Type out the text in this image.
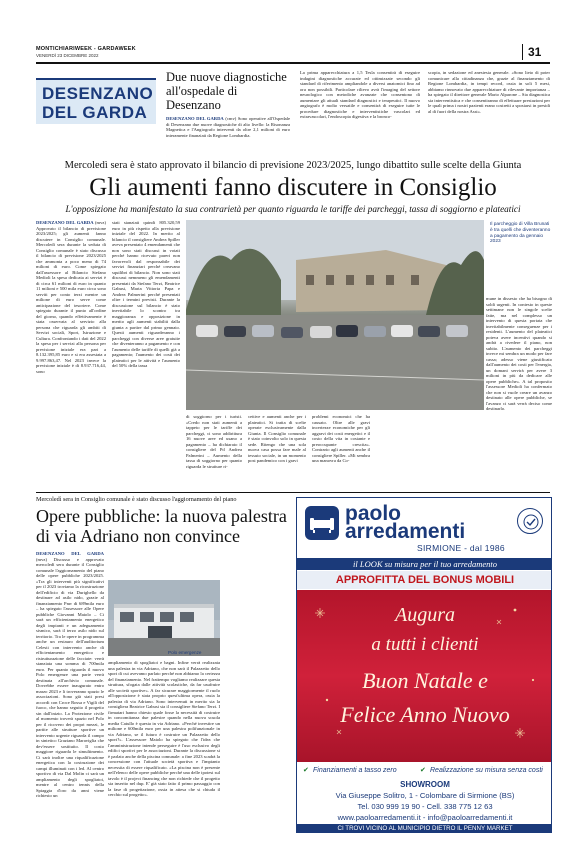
MONTICHIARIWEEK - GARDAWEEK
VENERDÌ 23 DICEMBRE 2022	31
DESENZANO
DEL GARDA
Due nuove diagnostiche all'ospedale di Desenzano
DESENZANO DEL GARDA (cmv) Sono operative all'Ospedale di Desenzano due nuove diagnostiche di alto livello: la Risonanza Magnetica e l'Angiografo interventi da oltre 2,1 milioni di euro interamente finanziati da Regione Lombardia.
La prima apparecchiatura a 1,5 Tesla consentirà di eseguire indagini diagnostiche accurate ed ottimizzate secondo gli standard di riferimento ampliandole a diversi anatomici fino ad ora non possibili. Particolare rilievo avrà l'imaging del settore neurologico con metodiche avanzate che consentono di aumentare gli attuali standard diagnostici e terapeutici. Il nuovo angiografo è molto versatile e consentirà di eseguire tutte le procedure diagnostiche e interventistiche vascolari ed extravascolari, l'endoscopia digestiva e la bronco-
scopia, in sedazione ed anestesia generale. «Sono lieto di poter comunicare alla cittadinanza che, grazie al finanziamento di Regione Lombardia, in tempi record, ossia in soli 5 mesi, abbiamo rinnovato due apparecchiature di rilevante importanza – ha spiegato il direttore generale Mario Alparone – Sia diagnostica sia interventistica e che consentiranno di effettuare prestazioni per le quali prima i nostri pazienti erano costretti a spostarsi in presidi al di fuori della nostra Asst».
Mercoledì sera è stato approvato il bilancio di previsione 2023/2025, lungo dibattito sulle scelte della Giunta
Gli aumenti fanno discutere in Consiglio
L'opposizione ha manifestato la sua contrarietà per quanto riguarda le tariffe dei parcheggi, tassa di soggiorno e plateatici
DESENZANO DEL GARDA (mvz) Approvato il bilancio di previsione 2023/2025; gli aumenti fanno discutere in Consiglio comunale. Mercoledì sera durante la seduta di Consiglio comunale è stato discusso il bilancio di previsione 2023/2025 che ammonta a poco meno di 74 milioni di euro. Come spiegato dall'assessore al Bilancio Stefano Medioli la spesa dedicata ai servizi è di circa 61 milioni di euro in quanto 11 milioni e 500 mila euro circa sono serviti per conto terzi mentre un milione di euro serve come anticipazione del tesoriere. Come spiegato durante il punto all'ordine del giorno, quando effettivamente è stata osservata al servizio alla persona che riguarda gli ambiti di Servizi sociali, Sport, Istruzione e Cultura. Confrontando i dati del 2022 la spesa per i servizi alla persona per previsione iniziale era pari a 8.132.395,85 euro e si era assestata a 9.997.863,47. Nel 2023 invece la previsione iniziale è di 8.937.716,44, sono
stati stanziati quindi 805.320,59 euro in più rispetto alla previsione iniziale del 2022. In merito al bilancio il consigliere Andrea Spiller aveva presentato 4 emendamenti che non sono stati discussi in votati perché hanno ricevuto pareri non favorevoli dal responsabile dei servizi finanziari perché creavano squilibri di bilancio. Non sono stati discussi nemmeno gli emendamenti presentati da Stefano Terzi, Beatrice Gabusi, Maria Vittoria Papa e Andrea Palmerini perché presentati oltre i termini previsti. Durante la discussione sul bilancio è stato inevitabile lo scontro tra maggioranza e opposizione in merito agli aumenti stabiliti dalla giunta a partire dal primo gennaio. Questi aumenti riguarderanno i parcheggi con diverse aree gratuite che diventeranno a pagamento e con l'aumento delle tariffe di quelli già a pagamento; l'aumento dei costi dei plateatici per le attività e l'aumento del 50% della tassa
Il parcheggio di Villa Brunati è tra quelli che diventeranno a pagamento da gennaio 2023
di soggiorno per i turisti. «Credo non stati aumenti a tappeto per le tariffe dei parcheggi, ci sono addirittura 16 nuove aree ed usano a pagamento – ha dichiarato il consigliere del Pd Andrea Palmerini – Aumento della tassa di soggiorno per quanto riguarda le strutture ri-
cettive e aumenti anche per i plateatici. Si tratta di scelte operate esclusivamente dalla Giunta. Il Consiglio comunale è stato coinvolto solo in questa sede. Ritengo che una sola nuova casa possa fare male al tessuto sociale, in un momento post pandemico con i gravi
problemi economici che ha causato. Oltre alle gravi incertezze economiche per gli aggravi dei costi energetici e il costo della vita in costante e preoccupante crescita». Contrario agli aumenti anche il consigliere Spiller. «Mi sembra una manovra da Co-
mune in dissesto che ha bisogno di soldi urgenti. In contesto in queste settimane non le singole scelte fatte, ma nel complesso un intervento di questa portata che inevitabilmente conseguenze per i residenti. L'aumento del plateatici poteva avere incentivi quando si andrà a rivedere il piano, non subito. L'aumento dei parcheggi invece mi sembra un modo per fare cassa; adesso viene giustificato dall'aumento dei costi per l'energia, un domani servirà per avere 3 milioni in più da dedicare alle opere pubbliche». A tal proposito l'assessore Medioli ha confermato che non si vuole creare un avanzo destinato alle opere pubbliche, se l'avanzo ci sarà verrà deciso come destinarlo.
Mercoledì sera in Consiglio comunale è stato discusso l'aggiornamento del piano
Opere pubbliche: la nuova palestra di via Adriano non convince
DESENZANO DEL GARDA (mvz) Discusso e approvato mercoledì sera durante il Consiglio comunale l'aggiornamento del piano delle opere pubbliche 2023/2025. «Tra gli interventi più significativi per il 2023 troviamo la ricostruzione dell'edificio di via Durighello da destinare ad asilo nido, grazie al finanziamento Pnrr di 689mila euro – ha spiegato l'assessore alle Opere pubbliche Giovanni Maiolo – Ci sarà un efficientamento energetico degli impianti e un adeguamento sismico, sarà il terzo asilo nido sul territorio. Tra le opere in programma anche un restauro dell'auditorium Celesti con intervento anche di efficientamento energetico e ristrutturazione delle facciate: verrà stanziata una somma di 700mila euro. Per quanto riguarda il nuovo Polo emergenze una parte verrà destinata all'archivio comunale. Dovrebbe essere inaugurato entro marzo 2023 e li troveranno spazio le associazioni. Sono già stati presi accordi con Croce Rossa e Vigili del fuoco, che hanno seguito il progetto sin dall'inizio. La Protezione civile al momento troverà spazio nel Polo per il ricovero dei propri mezzi, le partite alle strutture sportive un intervento urgente riguarda il campo in sintetico Graziano Maraviglia che dev'essere sostituito. Il costo maggiore riguarda le simultimento. Ci sarà inoltre una riqualificazione energetica con la costruzione dei campi illuminati con i led. Al centro sportivo di via Dal Molin ci sarà un ampliamento degli spogliatoi, mentre al centro tennis della Spiaggia d'oro da anni viene richiesto un
Polo emergenze
ampliamento di spogliatoi e bagni. Infine verrà realizzata una palestra in via Adriano, che non sarà il Palazzetto dello sport di cui avevamo parlato perché non abbiamo la certezza del finanziamento. Nel frattempo vogliamo realizzare questa struttura, sfogata dalle attività scolastiche, da far usufruire alle società sportive». A far sicurare maggiormente il ruolo all'opposizione è stata proprio quest'ultima opera, ossia la palestra di via Adriano. Sono intervenuti in merito sia la consigliera Beatrice Gabusi sia il consigliere Stefano Terzi. I firmatari hanno chiesto quale fosse la necessità di costruire in concomitanza due palestre quando nella nuova scuola media Catullo è questa in via Adriano. «Perché investire un milione e 600mila euro per una palestra polifunzionale in via Adriano, se il futuro è costruire un Palazzetto dello sport?». L'assessore Maiolo ha spiegato che l'idea che l'amministrazione intende perseguire è l'uso esclusivo degli edifici sportivi per le associazioni. Durante la discussione si è parlato anche della piscina comunale: a fine 2023 scadrà la concessione con l'attuale società sportiva e l'impianto necessita di essere riqualificato. «La piscina non è presente nell'elenco delle opere pubbliche perché una delle ipotesi sul tavolo è il project financing che non richiede che il progetto sia inserito nel dup. E' già stato fatto il primo passaggio con la fase di progettazione, ossia in attesa che si chiuda il cerchio sul progetto».
paolo
arredamenti
SIRMIONE - dal 1986
il LOOK su misura per il tuo arredamento
APPROFITTA DEL BONUS MOBILI
Augura
a tutti i clienti
Buon Natale e
Felice Anno Nuovo
✔ Finanziamenti a tasso zero	✔ Realizzazione su misura senza costi
SHOWROOM
Via Giuseppe Solitro, 1 - Colombare di Sirmione (BS)
Tel. 030 999 19 90 - Cell. 338 775 12 63
www.paoloarredamenti.it - info@paoloarredamenti.it
CI TROVI VICINO AL MUNICIPIO DIETRO IL PENNY MARKET
